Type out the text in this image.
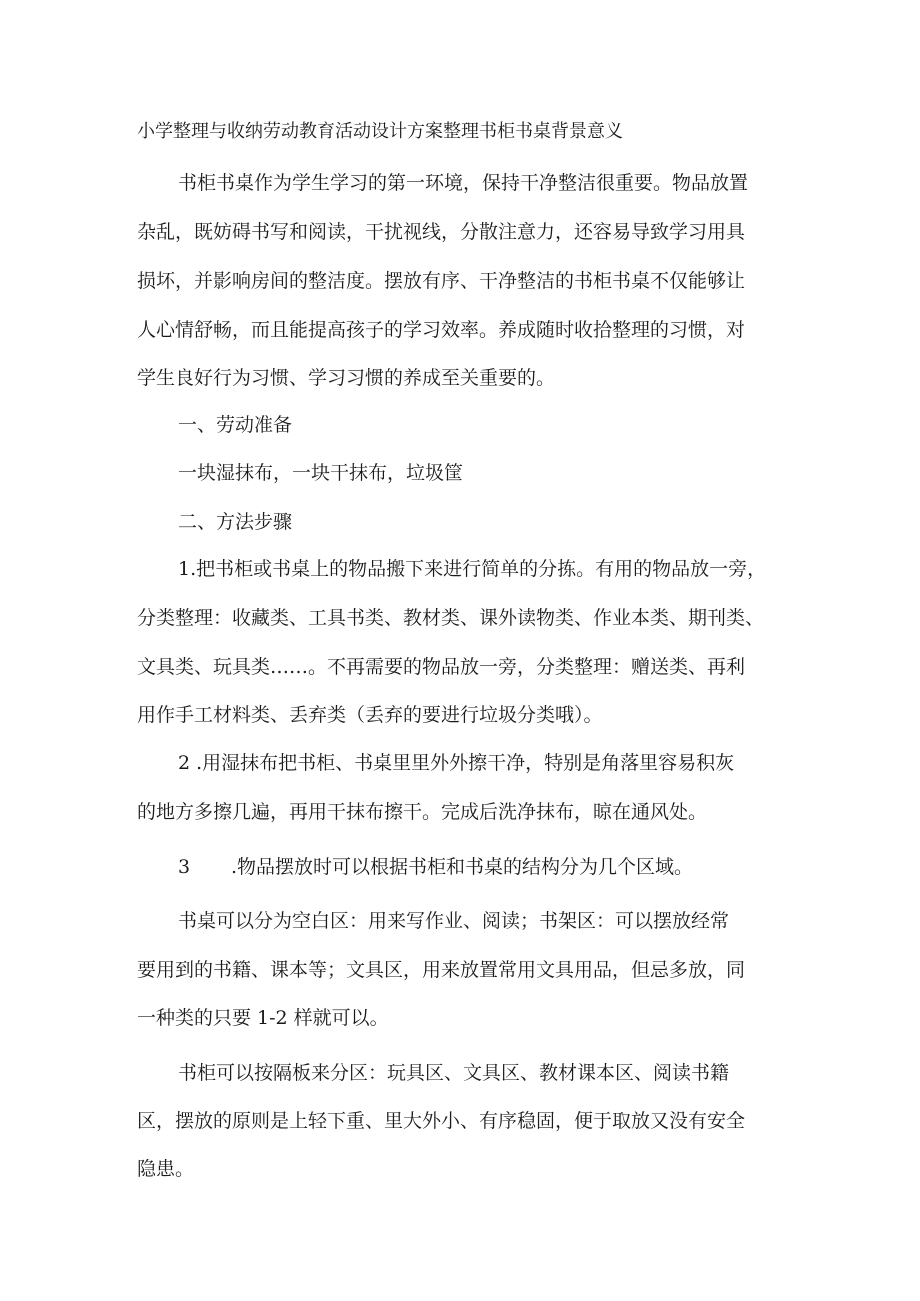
小学整理与收纳劳动教育活动设计方案整理书柜书桌背景意义
书柜书桌作为学生学习的第一环境，保持干净整洁很重要。物品放置
杂乱，既妨碍书写和阅读，干扰视线，分散注意力，还容易导致学习用具
损坏，并影响房间的整洁度。摆放有序、干净整洁的书柜书桌不仅能够让
人心情舒畅，而且能提高孩子的学习效率。养成随时收拾整理的习惯，对
学生良好行为习惯、学习习惯的养成至关重要的。
一、劳动准备
一块湿抹布，一块干抹布，垃圾筐
二、方法步骤
1.把书柜或书桌上的物品搬下来进行简单的分拣。有用的物品放一旁，
分类整理：收藏类、工具书类、教材类、课外读物类、作业本类、期刊类、
文具类、玩具类……。不再需要的物品放一旁，分类整理：赠送类、再利
用作手工材料类、丢弃类（丢弃的要进行垃圾分类哦）。
2 .用湿抹布把书柜、书桌里里外外擦干净，特别是角落里容易积灰
的地方多擦几遍，再用干抹布擦干。完成后洗净抹布，晾在通风处。
3 .物品摆放时可以根据书柜和书桌的结构分为几个区域。
书桌可以分为空白区：用来写作业、阅读；书架区：可以摆放经常
要用到的书籍、课本等；文具区，用来放置常用文具用品，但忌多放，同
一种类的只要 1-2 样就可以。
书柜可以按隔板来分区：玩具区、文具区、教材课本区、阅读书籍
区，摆放的原则是上轻下重、里大外小、有序稳固，便于取放又没有安全
隐患。
